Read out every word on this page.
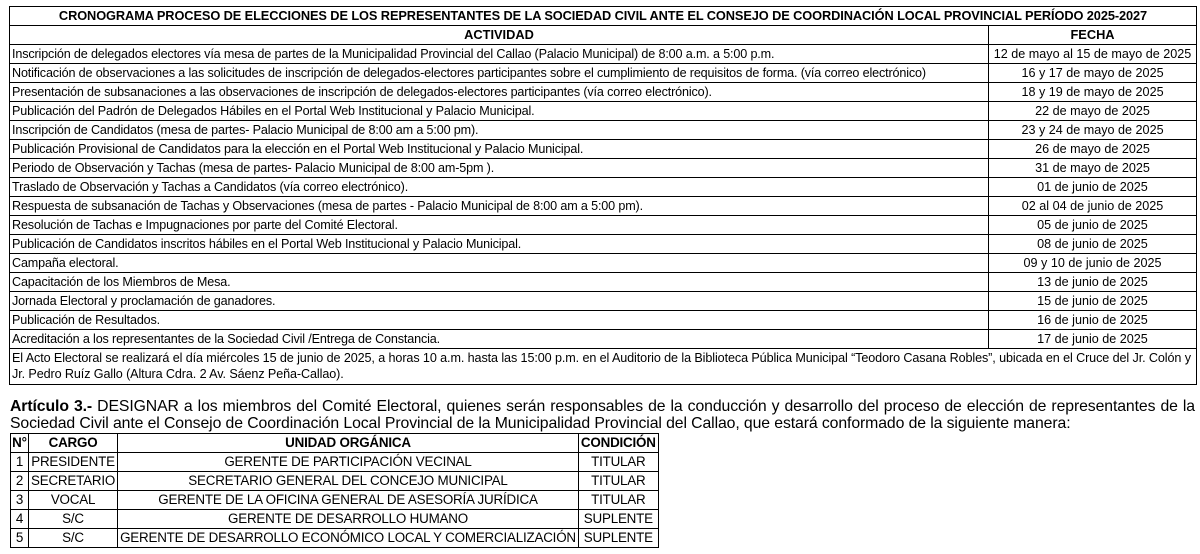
CRONOGRAMA PROCESO DE ELECCIONES DE LOS REPRESENTANTES DE LA SOCIEDAD CIVIL ANTE EL CONSEJO DE COORDINACIÓN LOCAL PROVINCIAL PERÍODO 2025-2027	
ACTIVIDAD	FECHA
Inscripción de delegados electores vía mesa de partes de la Municipalidad Provincial del Callao (Palacio Municipal) de 8:00 a.m. a 5:00 p.m.	12 de mayo al 15 de mayo de 2025
Notificación de observaciones a las solicitudes de inscripción de delegados-electores participantes sobre el cumplimiento de requisitos de forma. (vía correo electrónico)	16 y 17 de mayo de 2025
Presentación de subsanaciones a las observaciones de inscripción de delegados-electores participantes (vía correo electrónico).	18 y 19 de mayo de 2025
Publicación del Padrón de Delegados Hábiles en el Portal Web Institucional y Palacio Municipal.	22 de mayo de 2025
Inscripción de Candidatos (mesa de partes- Palacio Municipal de 8:00 am a 5:00 pm).	23 y 24 de mayo de 2025
Publicación Provisional de Candidatos para la elección en el Portal Web Institucional y Palacio Municipal.	26 de mayo de 2025
Periodo de Observación y Tachas (mesa de partes- Palacio Municipal de 8:00 am-5pm ).	31 de mayo de 2025
Traslado de Observación y Tachas a Candidatos (vía correo electrónico).	01 de junio de 2025
Respuesta de subsanación de Tachas y Observaciones (mesa de partes - Palacio Municipal de 8:00 am a 5:00 pm).	02 al 04 de junio de 2025
Resolución de Tachas e Impugnaciones por parte del Comité Electoral.	05 de junio de 2025
Publicación de Candidatos inscritos hábiles en el Portal Web Institucional y Palacio Municipal.	08 de junio de 2025
Campaña electoral.	09 y 10 de junio de 2025
Capacitación de los Miembros de Mesa.	13 de junio de 2025
Jornada Electoral y proclamación de ganadores.	15 de junio de 2025
Publicación de Resultados.	16 de junio de 2025
Acreditación a los representantes de la Sociedad Civil /Entrega de Constancia.	17 de junio de 2025
El Acto Electoral se realizará el día miércoles 15 de junio de 2025, a horas 10 a.m. hasta las 15:00 p.m. en el Auditorio de la Biblioteca Pública Municipal “Teodoro Casana Robles”, ubicada en el Cruce del Jr. Colón y Jr. Pedro Ruíz Gallo (Altura Cdra. 2 Av. Sáenz Peña-Callao).	
Artículo 3.- DESIGNAR a los miembros del Comité Electoral, quienes serán responsables de la conducción y desarrollo del proceso de elección de representantes de la Sociedad Civil ante el Consejo de Coordinación Local Provincial de la Municipalidad Provincial del Callao, que estará conformado de la siguiente manera:
N°	CARGO	UNIDAD ORGÁNICA	CONDICIÓN
1	PRESIDENTE	GERENTE DE PARTICIPACIÓN VECINAL	TITULAR
2	SECRETARIO	SECRETARIO GENERAL DEL CONCEJO MUNICIPAL	TITULAR
3	VOCAL	GERENTE DE LA OFICINA GENERAL DE ASESORÍA JURÍDICA	TITULAR
4	S/C	GERENTE DE DESARROLLO HUMANO	SUPLENTE
5	S/C	GERENTE DE DESARROLLO ECONÓMICO LOCAL Y COMERCIALIZACIÓN	SUPLENTE
